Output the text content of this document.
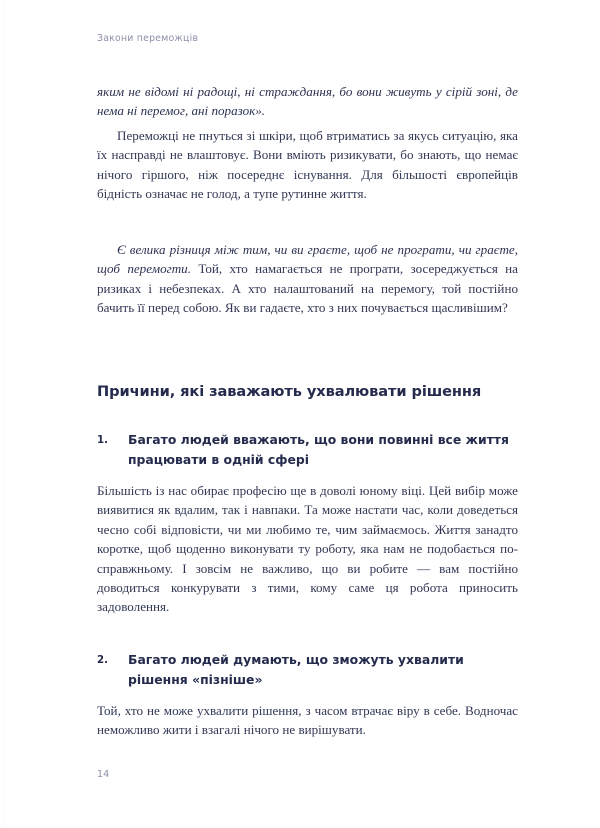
Закони переможців

яким не відомі ні радощі, ні страждання, бо вони живуть у сірій зоні, де нема ні перемог, ані поразок».

Переможці не пнуться зі шкіри, щоб втриматись за якусь ситуацію, яка їх насправді не влаштовує. Вони вміють ризикувати, бо знають, що немає нічого гіршого, ніж посереднє існування. Для більшості європейців бідність означає не голод, а тупе рутинне життя.

Є велика різниця між тим, чи ви граєте, щоб не програти, чи граєте, щоб перемогти. Той, хто намагається не програти, зосереджується на ризиках і небезпеках. А хто налаштований на перемогу, той постійно бачить її перед собою. Як ви гадаєте, хто з них почувається щасливішим?

Причини, які заважають ухвалювати рішення
1. Багато людей вважають, що вони повинні все життя працювати в одній сфері

Більшість із нас обирає професію ще в доволі юному віці. Цей вибір може виявитися як вдалим, так і навпаки. Та може настати час, коли доведеться чесно собі відповісти, чи ми любимо те, чим займаємось. Життя занадто коротке, щоб щоденно виконувати ту роботу, яка нам не подобається по-справжньому. І зовсім не важливо, що ви робите — вам постійно доводиться конкурувати з тими, кому саме ця робота приносить задоволення.

2. Багато людей думають, що зможуть ухвалити рішення «пізніше»

Той, хто не може ухвалити рішення, з часом втрачає віру в себе. Водночас неможливо жити і взагалі нічого не вирішувати.

14
